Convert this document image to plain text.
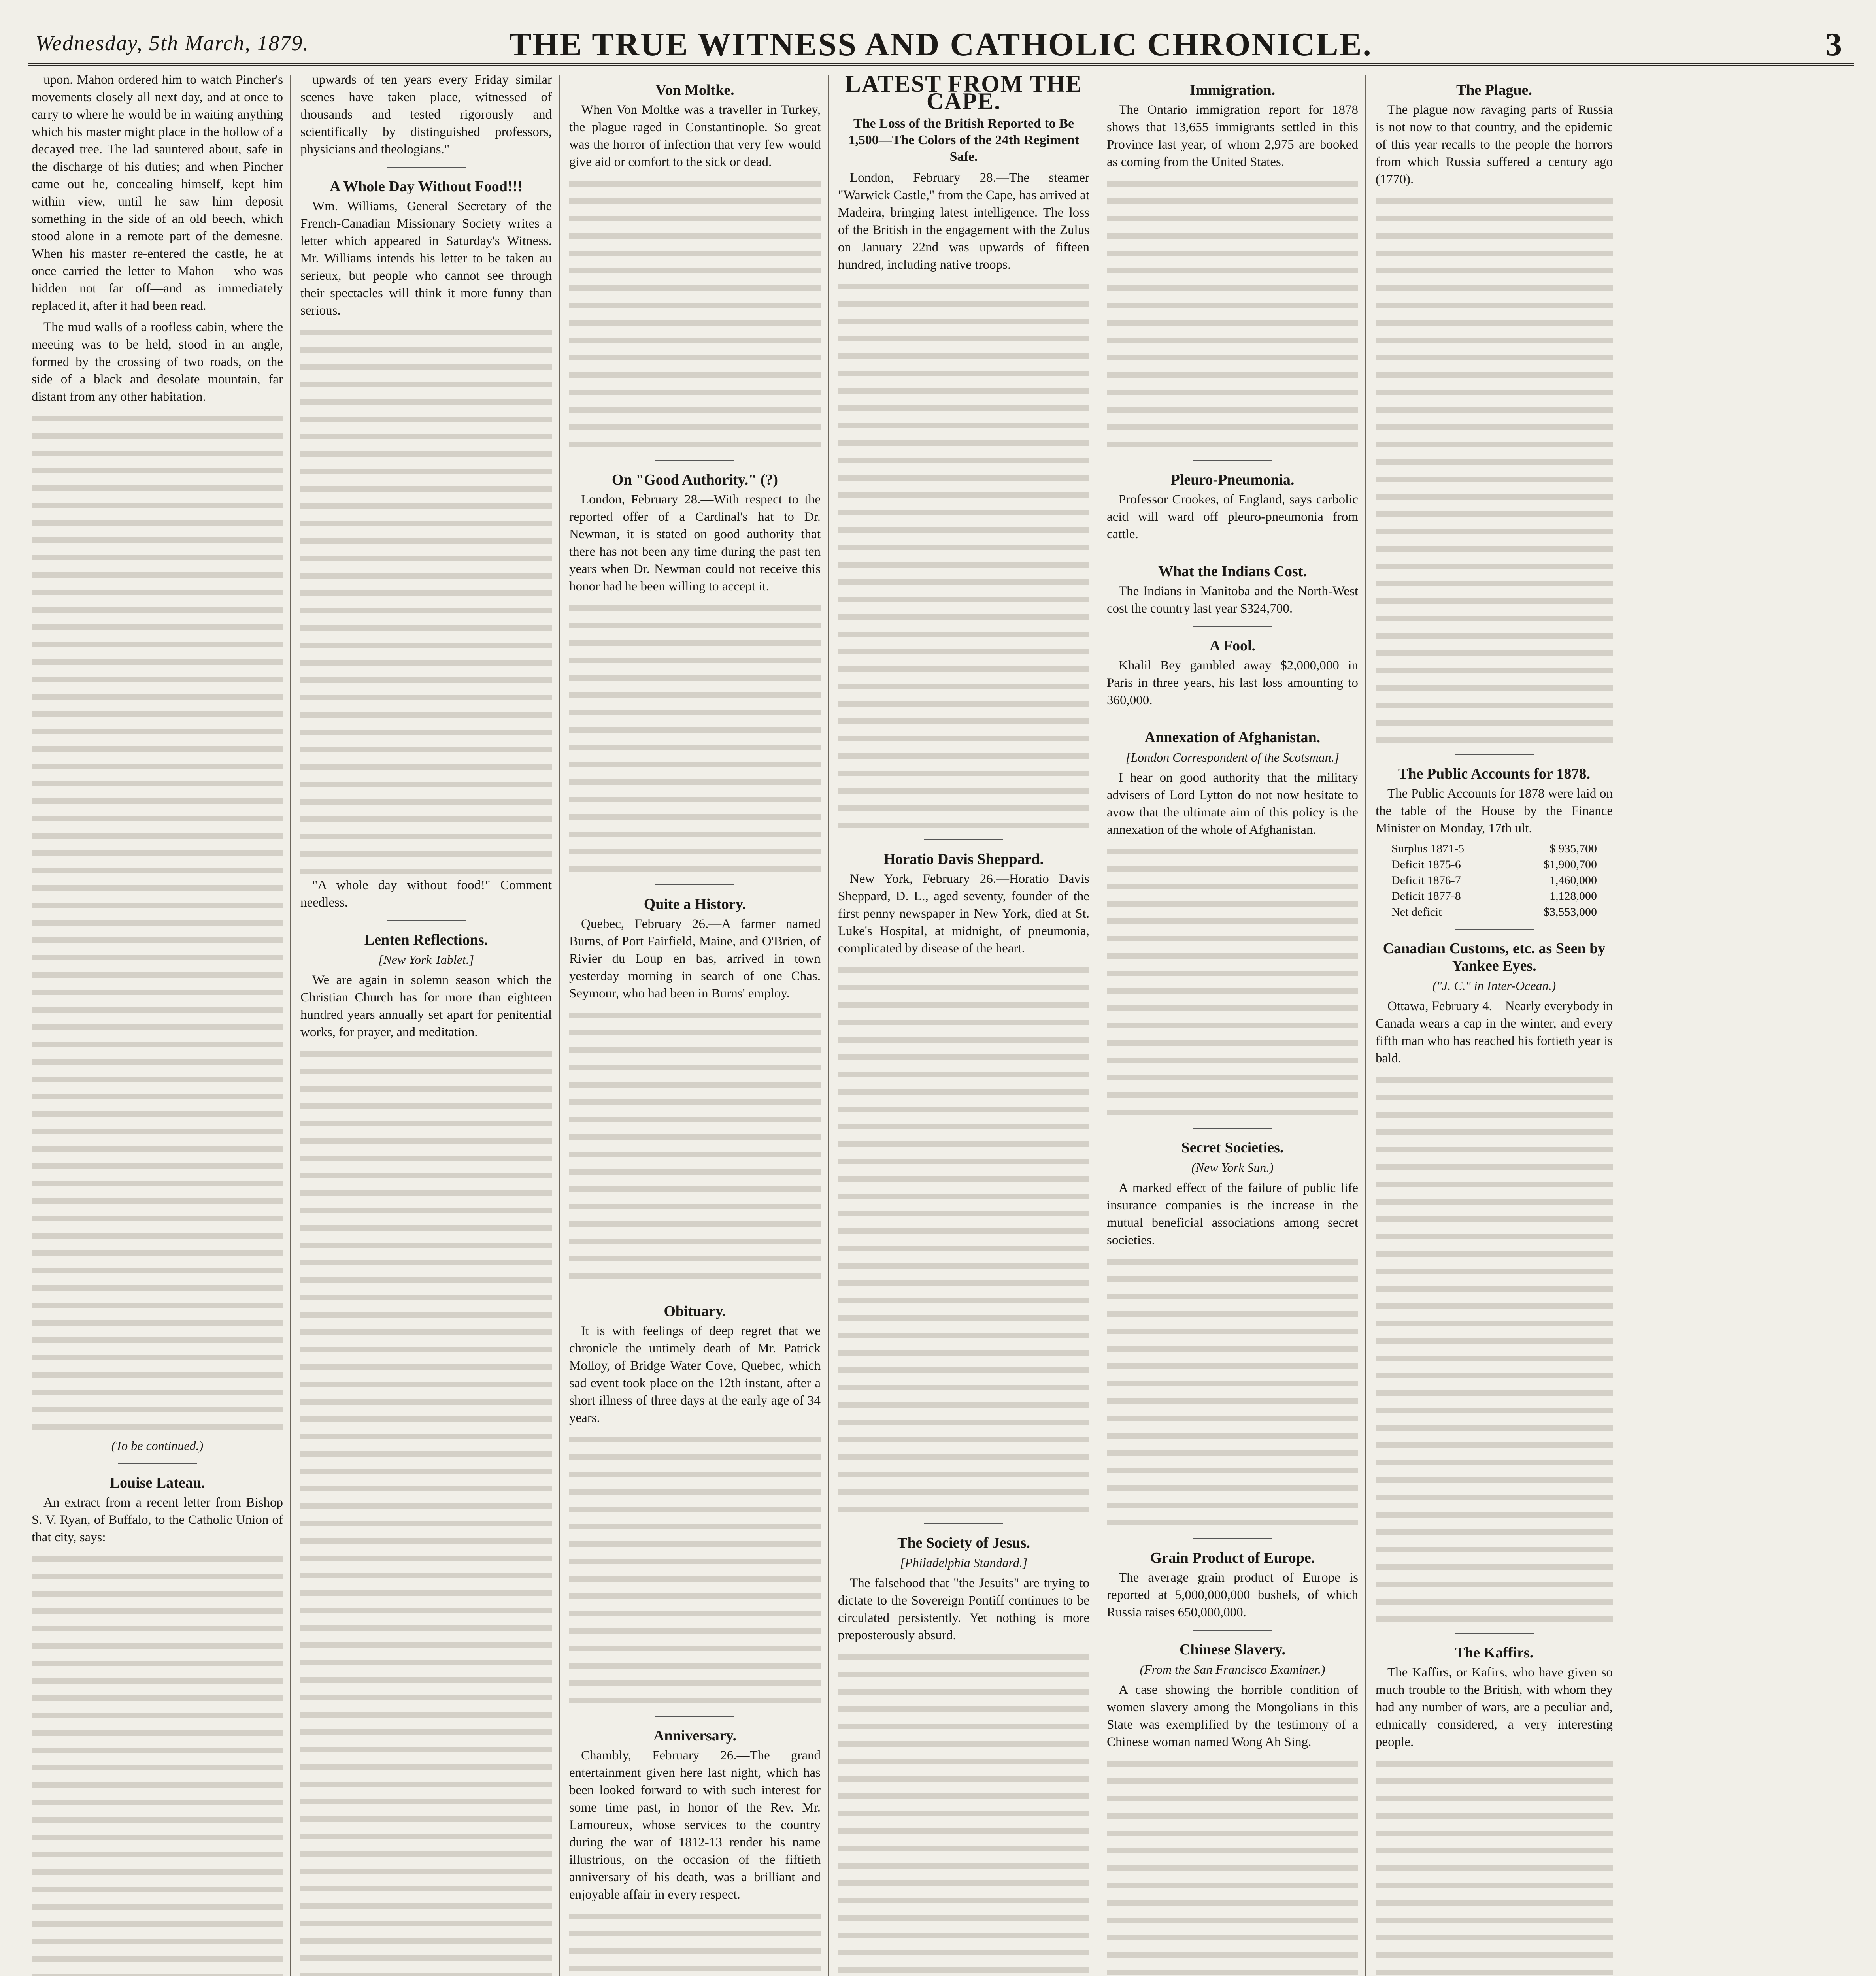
Wednesday, 5th March, 1879.	THE TRUE WITNESS AND CATHOLIC CHRONICLE.	3

upon. Mahon ordered him to watch Pincher's movements closely all next day, and at once to carry to where he would be in waiting anything which his master might place in the hollow of a decayed tree. The lad sauntered about, safe in the discharge of his duties; and when Pincher came out he, concealing himself, kept him within view, until he saw him deposit something in the side of an old beech, which stood alone in a remote part of the demesne. When his master re-entered the castle, he at once carried the letter to Mahon —who was hidden not far off—and as immediately replaced it, after it had been read.

The mud walls of a roofless cabin, where the meeting was to be held, stood in an angle, formed by the crossing of two roads, on the side of a black and desolate mountain, far distant from any other habitation.

(To be continued.)
Louise Lateau.

An extract from a recent letter from Bishop S. V. Ryan, of Buffalo, to the Catholic Union of that city, says:

upwards of ten years every Friday similar scenes have taken place, witnessed of thousands and tested rigorously and scientifically by distinguished professors, physicians and theologians."

A Whole Day Without Food!!!

Wm. Williams, General Secretary of the French-Canadian Missionary Society writes a letter which appeared in Saturday's Witness. Mr. Williams intends his letter to be taken au serieux, but people who cannot see through their spectacles will think it more funny than serious.

"A whole day without food!" Comment needless.

Lenten Reflections.
[New York Tablet.]

We are again in solemn season which the Christian Church has for more than eighteen hundred years annually set apart for penitential works, for prayer, and meditation.

Von Moltke.

When Von Moltke was a traveller in Turkey, the plague raged in Constantinople. So great was the horror of infection that very few would give aid or comfort to the sick or dead.

On "Good Authority." (?)

London, February 28.—With respect to the reported offer of a Cardinal's hat to Dr. Newman, it is stated on good authority that there has not been any time during the past ten years when Dr. Newman could not receive this honor had he been willing to accept it.

Quite a History.

Quebec, February 26.—A farmer named Burns, of Port Fairfield, Maine, and O'Brien, of Rivier du Loup en bas, arrived in town yesterday morning in search of one Chas. Seymour, who had been in Burns' employ.

Obituary.

It is with feelings of deep regret that we chronicle the untimely death of Mr. Patrick Molloy, of Bridge Water Cove, Quebec, which sad event took place on the 12th instant, after a short illness of three days at the early age of 34 years.

Anniversary.

Chambly, February 26.—The grand entertainment given here last night, which has been looked forward to with such interest for some time past, in honor of the Rev. Mr. Lamoureux, whose services to the country during the war of 1812-13 render his name illustrious, on the occasion of the fiftieth anniversary of his death, was a brilliant and enjoyable affair in every respect.

LATEST FROM THE CAPE.
The Loss of the British Reported to Be 1,500—The Colors of the 24th Regiment Safe.

London, February 28.—The steamer "Warwick Castle," from the Cape, has arrived at Madeira, bringing latest intelligence. The loss of the British in the engagement with the Zulus on January 22nd was upwards of fifteen hundred, including native troops.

Horatio Davis Sheppard.

New York, February 26.—Horatio Davis Sheppard, D. L., aged seventy, founder of the first penny newspaper in New York, died at St. Luke's Hospital, at midnight, of pneumonia, complicated by disease of the heart.

The Society of Jesus.
[Philadelphia Standard.]

The falsehood that "the Jesuits" are trying to dictate to the Sovereign Pontiff continues to be circulated persistently. Yet nothing is more preposterously absurd.

Immigration.

The Ontario immigration report for 1878 shows that 13,655 immigrants settled in this Province last year, of whom 2,975 are booked as coming from the United States.

Pleuro-Pneumonia.

Professor Crookes, of England, says carbolic acid will ward off pleuro-pneumonia from cattle.

What the Indians Cost.

The Indians in Manitoba and the North-West cost the country last year $324,700.

A Fool.

Khalil Bey gambled away $2,000,000 in Paris in three years, his last loss amounting to 360,000.

Annexation of Afghanistan.
[London Correspondent of the Scotsman.]

I hear on good authority that the military advisers of Lord Lytton do not now hesitate to avow that the ultimate aim of this policy is the annexation of the whole of Afghanistan.

Secret Societies.
(New York Sun.)

A marked effect of the failure of public life insurance companies is the increase in the mutual beneficial associations among secret societies.

Grain Product of Europe.

The average grain product of Europe is reported at 5,000,000,000 bushels, of which Russia raises 650,000,000.

Chinese Slavery.
(From the San Francisco Examiner.)

A case showing the horrible condition of women slavery among the Mongolians in this State was exemplified by the testimony of a Chinese woman named Wong Ah Sing.

The Plague.

The plague now ravaging parts of Russia is not now to that country, and the epidemic of this year recalls to the people the horrors from which Russia suffered a century ago (1770).

The Public Accounts for 1878.

The Public Accounts for 1878 were laid on the table of the House by the Finance Minister on Monday, 17th ult.

Surplus 1871-5	$ 935,700
Deficit 1875-6	$1,900,700
Deficit 1876-7	1,460,000
Deficit 1877-8	1,128,000
Net deficit	$3,553,000
Canadian Customs, etc. as Seen by Yankee Eyes.
("J. C." in Inter-Ocean.)

Ottawa, February 4.—Nearly everybody in Canada wears a cap in the winter, and every fifth man who has reached his fortieth year is bald.

The Kaffirs.

The Kaffirs, or Kafirs, who have given so much trouble to the British, with whom they had any number of wars, are a peculiar and, ethnically considered, a very interesting people.
